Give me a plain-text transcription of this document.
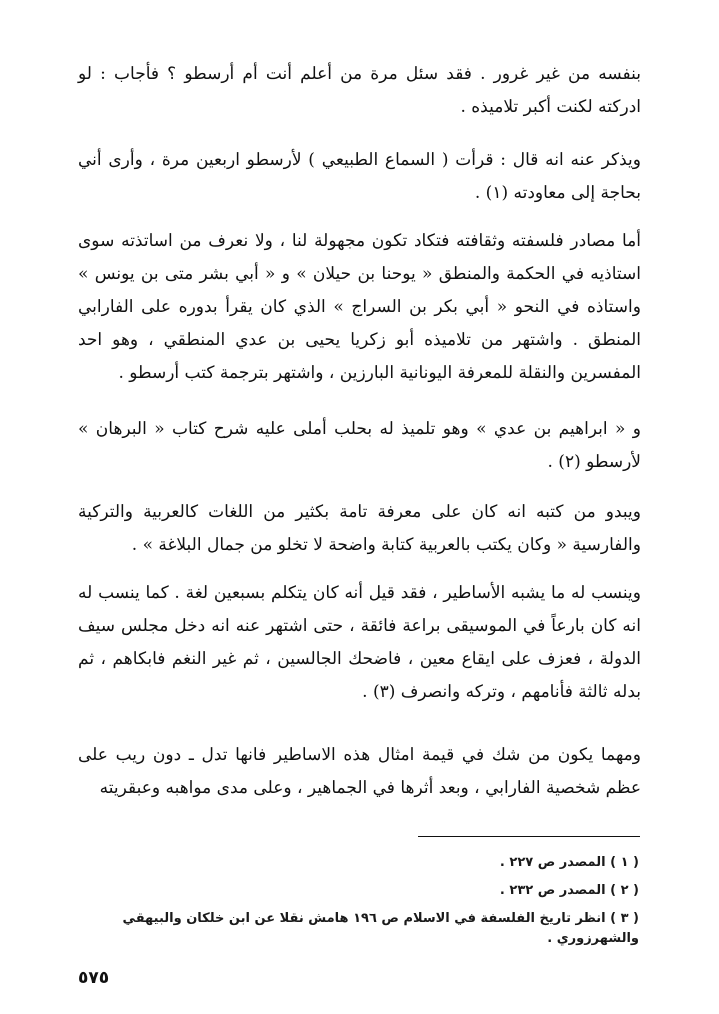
بنفسه من غير غرور . فقد سئل مرة من أعلم أنت أم أرسطو ؟ فأجاب : لو ادركته لكنت أكبر تلاميذه .

ويذكر عنه انه قال : قرأت ( السماع الطبيعي ) لأرسطو اربعين مرة ، وأرى أني بحاجة إلى معاودته (١) .

أما مصادر فلسفته وثقافته فتكاد تكون مجهولة لنا ، ولا نعرف من اساتذته سوى استاذيه في الحكمة والمنطق « يوحنا بن حيلان » و « أبي بشر متى بن يونس » واستاذه في النحو « أبي بكر بن السراج » الذي كان يقرأ بدوره على الفارابي المنطق . واشتهر من تلاميذه أبو زكريا يحيى بن عدي المنطقي ، وهو احد المفسرين والنقلة للمعرفة اليونانية البارزين ، واشتهر بترجمة كتب أرسطو .

و « ابراهيم بن عدي » وهو تلميذ له بحلب أملى عليه شرح كتاب « البرهان » لأرسطو (٢) .

ويبدو من كتبه انه كان على معرفة تامة بكثير من اللغات كالعربية والتركية والفارسية « وكان يكتب بالعربية كتابة واضحة لا تخلو من جمال البلاغة » .

وينسب له ما يشبه الأساطير ، فقد قيل أنه كان يتكلم بسبعين لغة . كما ينسب له انه كان بارعاً في الموسيقى براعة فائقة ، حتى اشتهر عنه انه دخل مجلس سيف الدولة ، فعزف على ايقاع معين ، فاضحك الجالسين ، ثم غير النغم فابكاهم ، ثم بدله ثالثة فأنامهم ، وتركه وانصرف (٣) .

ومهما يكون من شك في قيمة امثال هذه الاساطير فانها تدل ـ دون ريب على عظم شخصية الفارابي ، وبعد أثرها في الجماهير ، وعلى مدى مواهبه وعبقريته

( ١ ) المصدر ص ٢٢٧ .
( ٢ ) المصدر ص ٢٣٢ .
( ٣ ) انظر تاريخ الفلسفة في الاسلام ص ١٩٦ هامش نقلا عن ابن خلكان والبيهقي والشهرزوري .
٥٧٥
